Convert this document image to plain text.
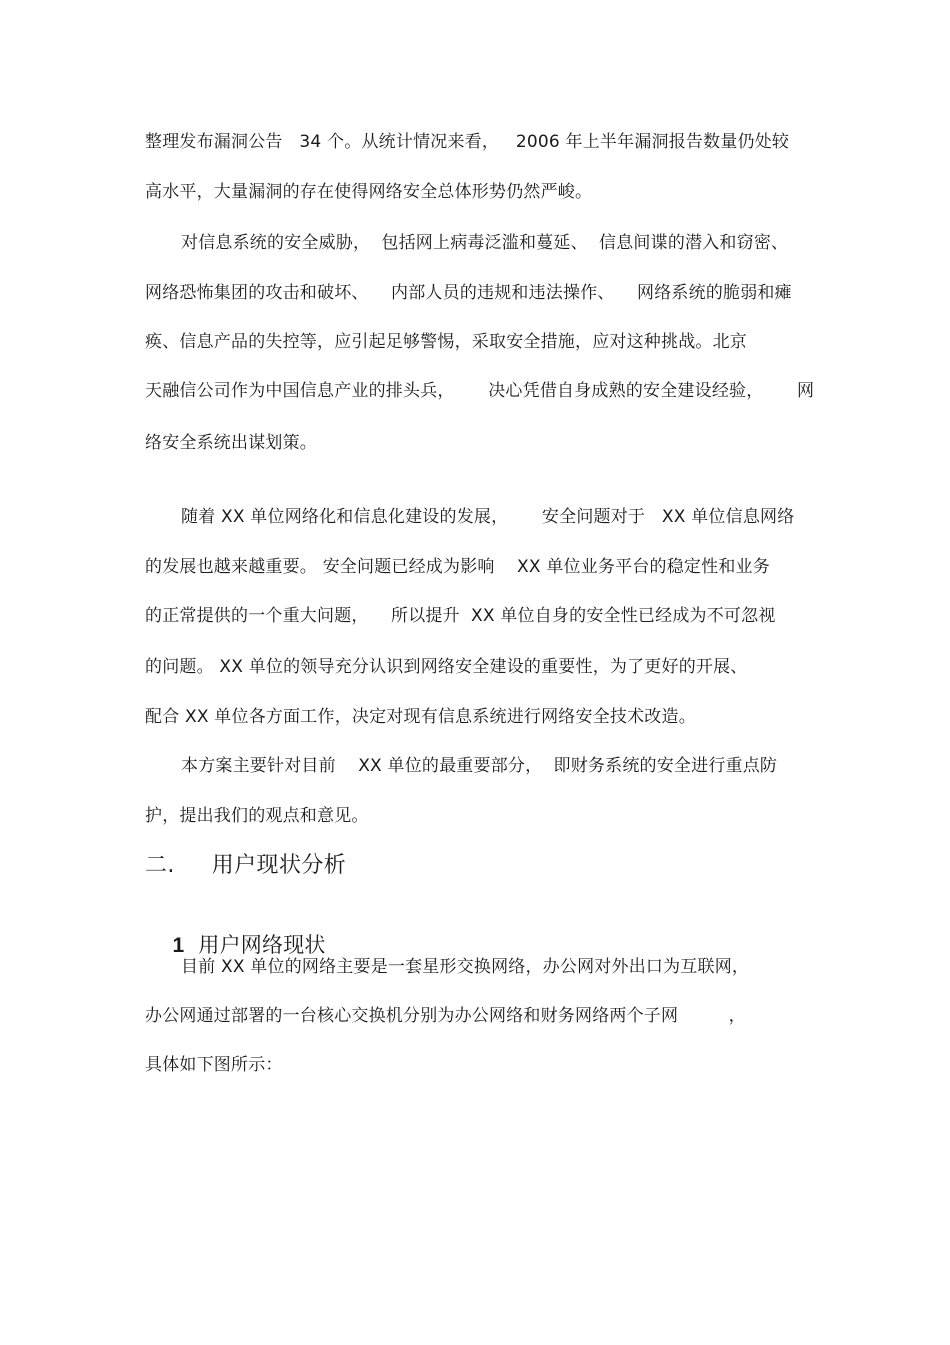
整理发布漏洞公告   34 个。从统计情况来看，   2006 年上半年漏洞报告数量仍处较
高水平，大量漏洞的存在使得网络安全总体形势仍然严峻。
对信息系统的安全威胁，  包括网上病毒泛滥和蔓延、  信息间谍的潜入和窃密、
网络恐怖集团的攻击和破坏、    内部人员的违规和违法操作、    网络系统的脆弱和瘫
痪、信息产品的失控等，应引起足够警惕，采取安全措施，应对这种挑战。北京
天融信公司作为中国信息产业的排头兵，      决心凭借自身成熟的安全建设经验，      网
络安全系统出谋划策。
随着 XX 单位网络化和信息化建设的发展，      安全问题对于   XX 单位信息网络
的发展也越来越重要。 安全问题已经成为影响    XX 单位业务平台的稳定性和业务
的正常提供的一个重大问题，    所以提升  XX 单位自身的安全性已经成为不可忽视
的问题。 XX 单位的领导充分认识到网络安全建设的重要性，为了更好的开展、
配合 XX 单位各方面工作，决定对现有信息系统进行网络安全技术改造。
本方案主要针对目前    XX 单位的最重要部分，  即财务系统的安全进行重点防
护，提出我们的观点和意见。
二.     用户现状分析

1 用户网络现状

目前 XX 单位的网络主要是一套星形交换网络，办公网对外出口为互联网，
办公网通过部署的一台核心交换机分别为办公网络和财务网络两个子网         ，
具体如下图所示：
